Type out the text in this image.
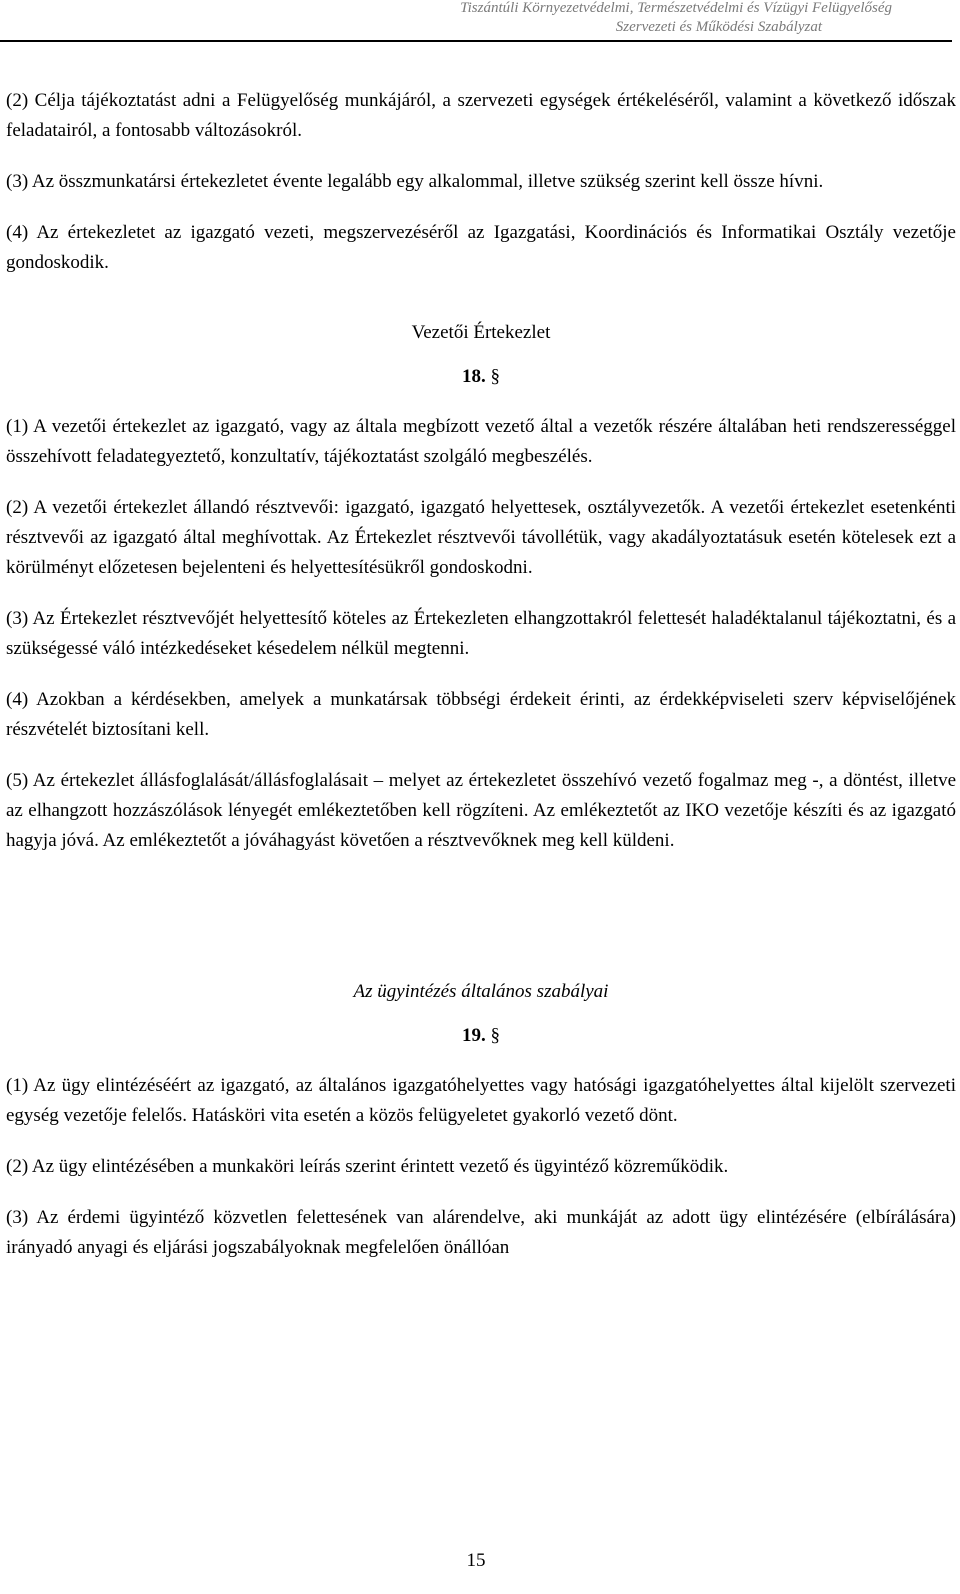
Tiszántúli Környezetvédelmi, Természetvédelmi és Vízügyi Felügyelőség
Szervezeti és Működési Szabályzat

(2) Célja tájékoztatást adni a Felügyelőség munkájáról, a szervezeti egységek értékeléséről, valamint a következő időszak feladatairól, a fontosabb változásokról.

(3) Az összmunkatársi értekezletet évente legalább egy alkalommal, illetve szükség szerint kell össze hívni.

(4) Az értekezletet az igazgató vezeti, megszervezéséről az Igazgatási, Koordinációs és Informatikai Osztály vezetője gondoskodik.

Vezetői Értekezlet
18. §

(1) A vezetői értekezlet az igazgató, vagy az általa megbízott vezető által a vezetők részére általában heti rendszerességgel összehívott feladategyeztető, konzultatív, tájékoztatást szolgáló megbeszélés.

(2) A vezetői értekezlet állandó résztvevői: igazgató, igazgató helyettesek, osztályvezetők. A vezetői értekezlet esetenkénti résztvevői az igazgató által meghívottak. Az Értekezlet résztvevői távollétük, vagy akadályoztatásuk esetén kötelesek ezt a körülményt előzetesen bejelenteni és helyettesítésükről gondoskodni.

(3) Az Értekezlet résztvevőjét helyettesítő köteles az Értekezleten elhangzottakról felettesét haladéktalanul tájékoztatni, és a szükségessé váló intézkedéseket késedelem nélkül megtenni.

(4) Azokban a kérdésekben, amelyek a munkatársak többségi érdekeit érinti, az érdekképviseleti szerv képviselőjének részvételét biztosítani kell.

(5) Az értekezlet állásfoglalását/állásfoglalásait – melyet az értekezletet összehívó vezető fogalmaz meg -, a döntést, illetve az elhangzott hozzászólások lényegét emlékeztetőben kell rögzíteni. Az emlékeztetőt az IKO vezetője készíti és az igazgató hagyja jóvá. Az emlékeztetőt a jóváhagyást követően a résztvevőknek meg kell küldeni.

Az ügyintézés általános szabályai
19. §

(1) Az ügy elintézéséért az igazgató, az általános igazgatóhelyettes vagy hatósági igazgatóhelyettes által kijelölt szervezeti egység vezetője felelős. Hatásköri vita esetén a közös felügyeletet gyakorló vezető dönt.

(2) Az ügy elintézésében a munkaköri leírás szerint érintett vezető és ügyintéző közreműködik.

(3) Az érdemi ügyintéző közvetlen felettesének van alárendelve, aki munkáját az adott ügy elintézésére (elbírálására) irányadó anyagi és eljárási jogszabályoknak megfelelően önállóan

15
